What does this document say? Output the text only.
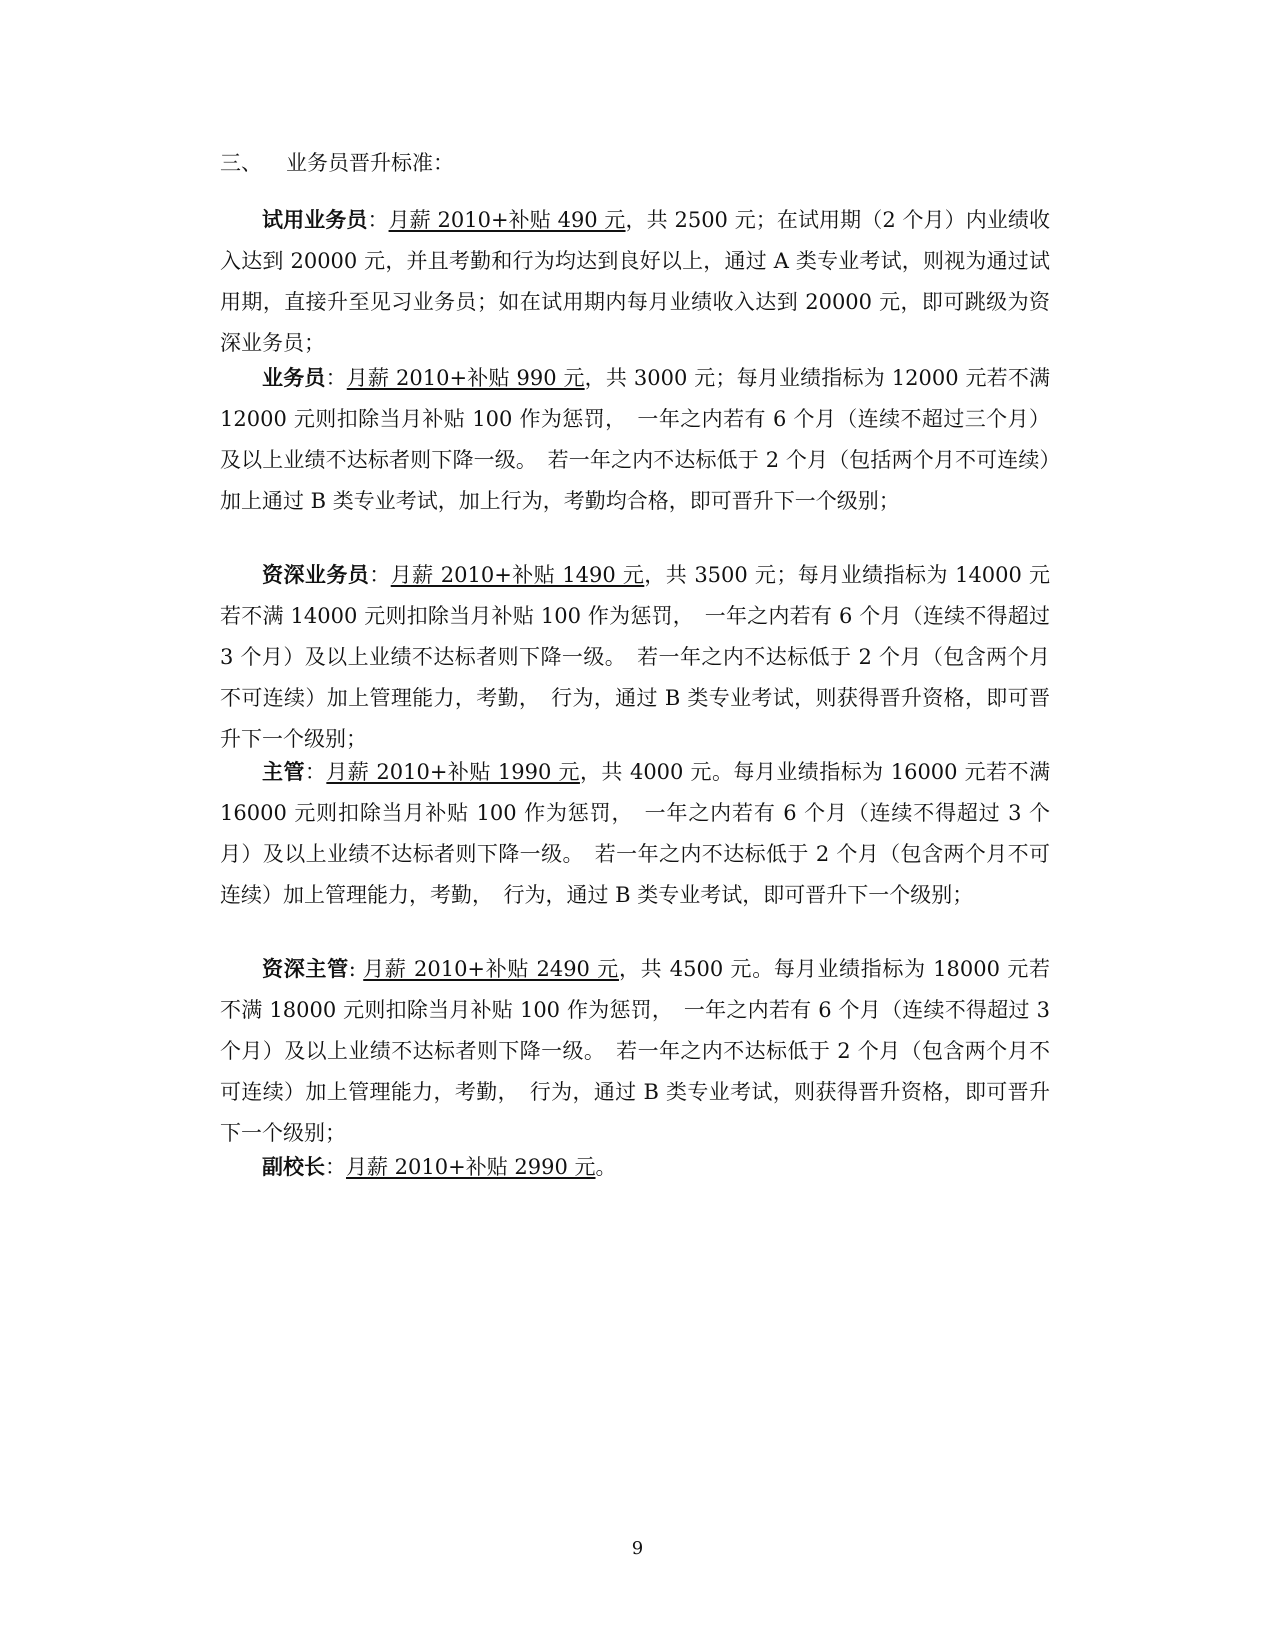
三、 业务员晋升标准：

试用业务员：月薪 2010+补贴 490 元，共 2500 元；在试用期（2 个月）内业绩收入达到 20000 元，并且考勤和行为均达到良好以上，通过 A 类专业考试，则视为通过试用期，直接升至见习业务员；如在试用期内每月业绩收入达到 20000 元，即可跳级为资深业务员；

业务员：月薪 2010+补贴 990 元，共 3000 元；每月业绩指标为 12000 元若不满 12000 元则扣除当月补贴 100 作为惩罚，　一年之内若有 6 个月（连续不超过三个月）及以上业绩不达标者则下降一级。　若一年之内不达标低于 2 个月（包括两个月不可连续）加上通过 B 类专业考试，加上行为，考勤均合格，即可晋升下一个级别；

资深业务员：月薪 2010+补贴 1490 元，共 3500 元；每月业绩指标为 14000 元若不满 14000 元则扣除当月补贴 100 作为惩罚，　一年之内若有 6 个月（连续不得超过 3 个月）及以上业绩不达标者则下降一级。　若一年之内不达标低于 2 个月（包含两个月不可连续）加上管理能力，考勤，　行为，通过 B 类专业考试，则获得晋升资格，即可晋升下一个级别；

主管：月薪 2010+补贴 1990 元，共 4000 元。每月业绩指标为 16000 元若不满 16000 元则扣除当月补贴 100 作为惩罚，　一年之内若有 6 个月（连续不得超过 3 个月）及以上业绩不达标者则下降一级。　若一年之内不达标低于 2 个月（包含两个月不可连续）加上管理能力，考勤，　行为，通过 B 类专业考试，即可晋升下一个级别；

资深主管: 月薪 2010+补贴 2490 元，共 4500 元。每月业绩指标为 18000 元若不满 18000 元则扣除当月补贴 100 作为惩罚，　一年之内若有 6 个月（连续不得超过 3 个月）及以上业绩不达标者则下降一级。　若一年之内不达标低于 2 个月（包含两个月不可连续）加上管理能力，考勤，　行为，通过 B 类专业考试，则获得晋升资格，即可晋升下一个级别；

副校长：月薪 2010+补贴 2990 元。

9
